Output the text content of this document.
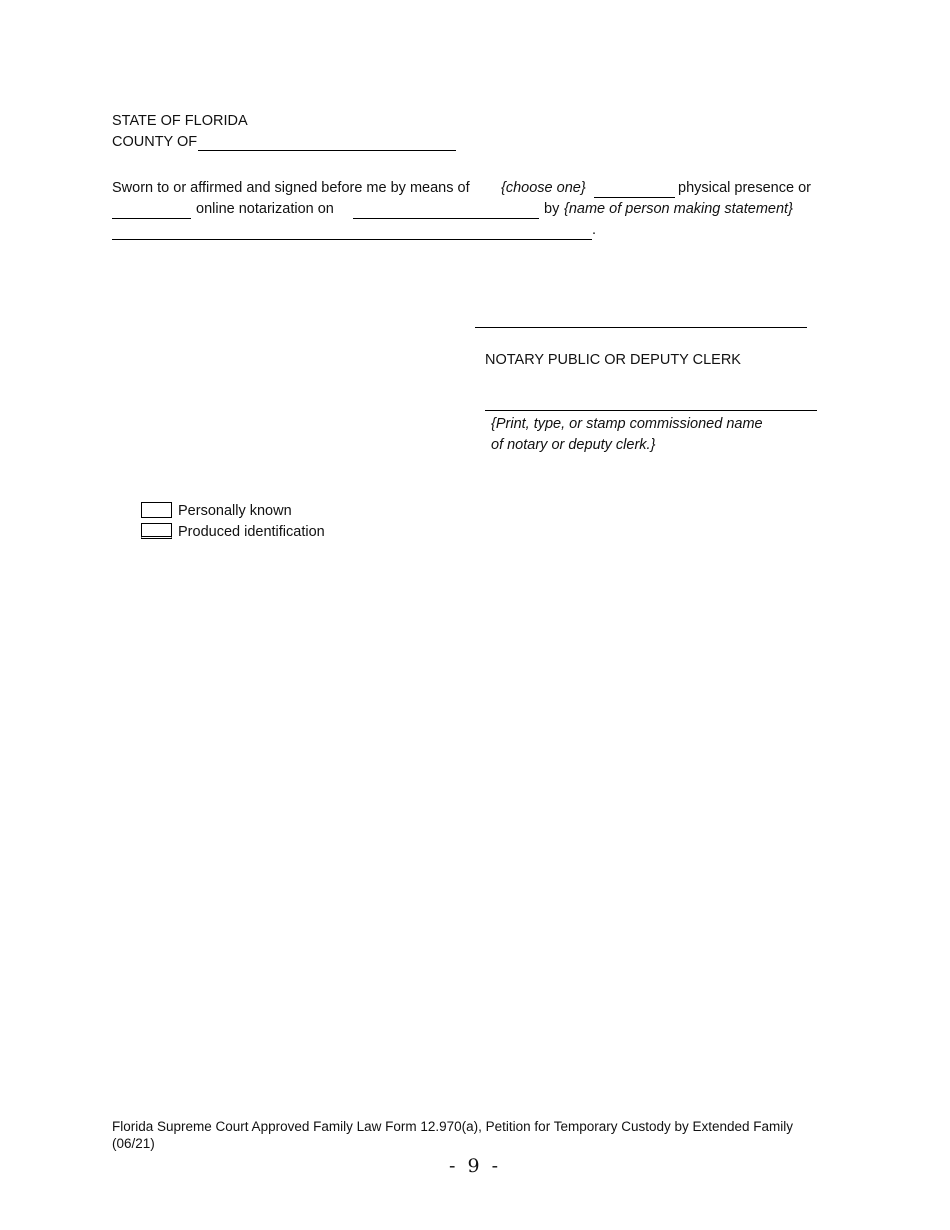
STATE OF FLORIDA
COUNTY OF
Sworn to or affirmed and signed before me by means of {choose one}	physical presence or
online notarization on	by {name of person making statement}
.
NOTARY PUBLIC OR DEPUTY CLERK
{Print, type, or stamp commissioned name
of notary or deputy clerk.}
Personally known
Produced identification
Florida Supreme Court Approved Family Law Form 12.970(a), Petition for Temporary Custody by Extended Family
(06/21)
- 9 -
